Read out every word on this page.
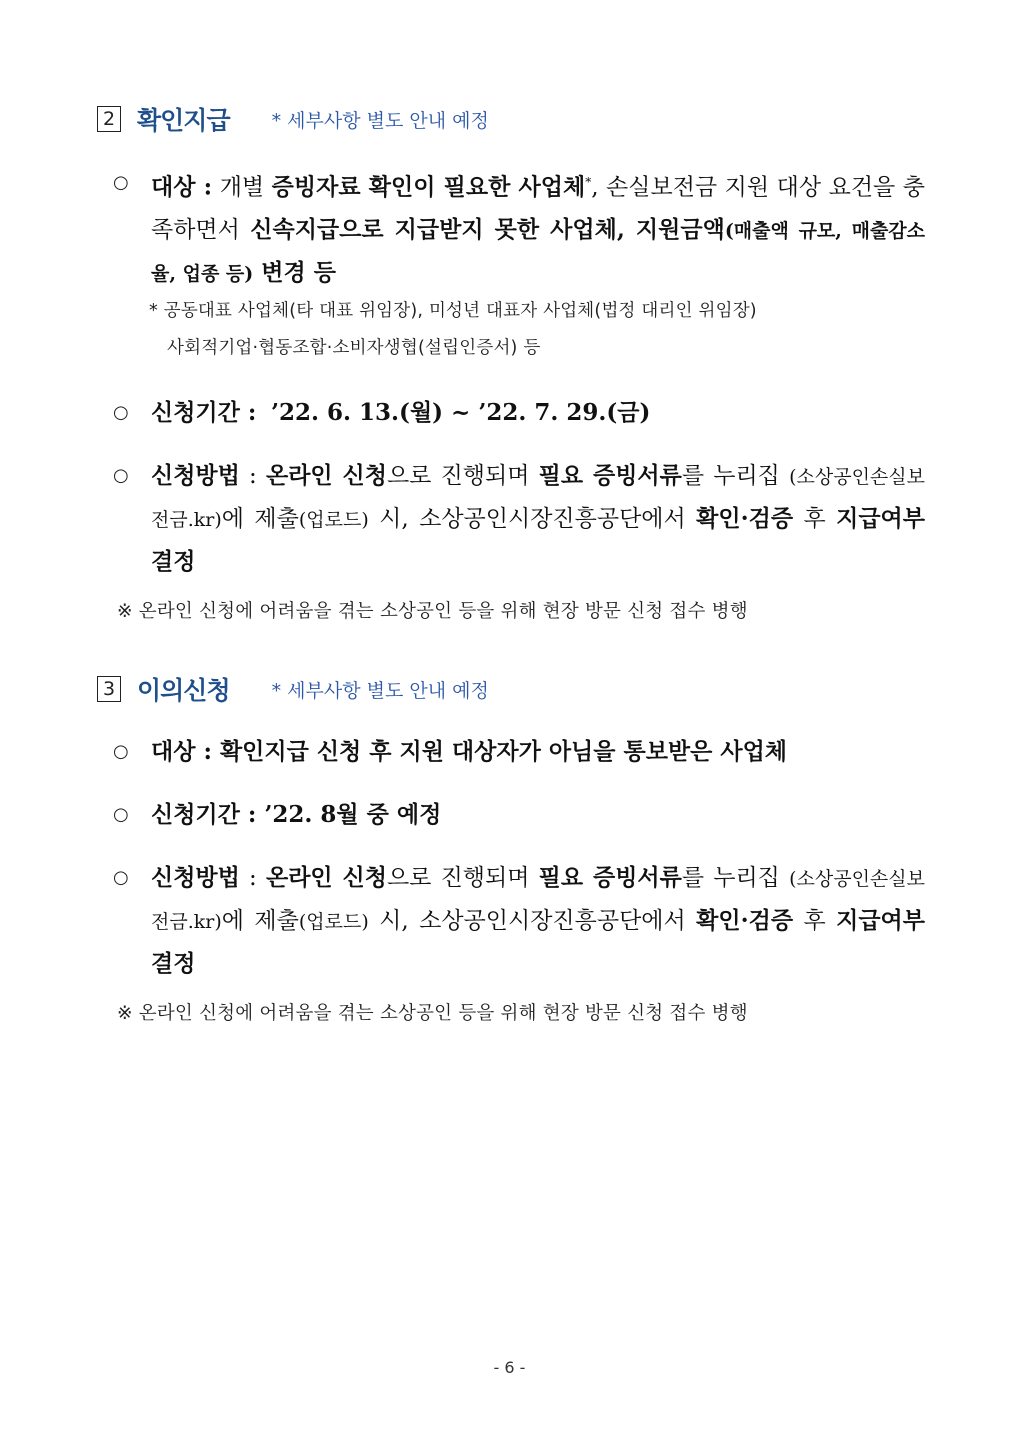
2 확인지급 * 세부사항 별도 안내 예정
○ 대상 : 개별 증빙자료 확인이 필요한 사업체*, 손실보전금 지원 대상 요건을 충족하면서 신속지급으로 지급받지 못한 사업체, 지원금액(매출액 규모, 매출감소율, 업종 등) 변경 등
* 공동대표 사업체(타 대표 위임장), 미성년 대표자 사업체(법정 대리인 위임장)
사회적기업·협동조합·소비자생협(설립인증서) 등
○ 신청기간 : ’22. 6. 13.(월) ~ ’22. 7. 29.(금)
○ 신청방법 : 온라인 신청으로 진행되며 필요 증빙서류를 누리집 (소상공인손실보전금.kr)에 제출(업로드) 시, 소상공인시장진흥공단에서 확인·검증 후 지급여부 결정
※ 온라인 신청에 어려움을 겪는 소상공인 등을 위해 현장 방문 신청 접수 병행
3 이의신청 * 세부사항 별도 안내 예정
○ 대상 : 확인지급 신청 후 지원 대상자가 아님을 통보받은 사업체
○ 신청기간 : ’22. 8월 중 예정
○ 신청방법 : 온라인 신청으로 진행되며 필요 증빙서류를 누리집 (소상공인손실보전금.kr)에 제출(업로드) 시, 소상공인시장진흥공단에서 확인·검증 후 지급여부 결정
※ 온라인 신청에 어려움을 겪는 소상공인 등을 위해 현장 방문 신청 접수 병행
- 6 -
